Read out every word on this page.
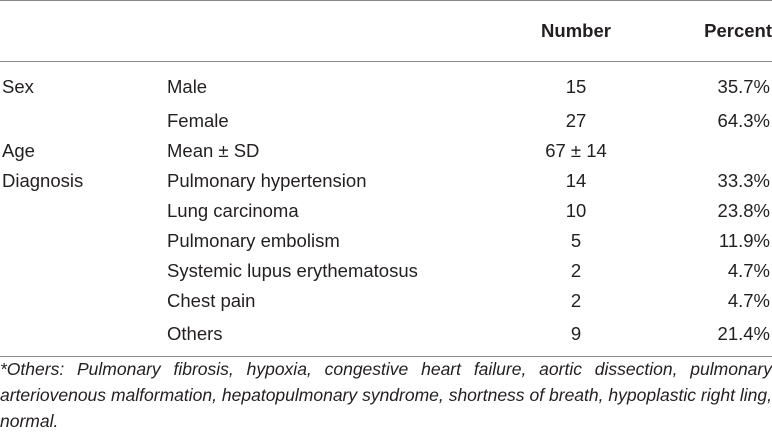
		Number	Percent
Sex	Male	15	35.7%
	Female	27	64.3%
Age	Mean ± SD	67 ± 14	
Diagnosis	Pulmonary hypertension	14	33.3%
	Lung carcinoma	10	23.8%
	Pulmonary embolism	5	11.9%
	Systemic lupus erythematosus	2	4.7%
	Chest pain	2	4.7%
	Others	9	21.4%
*Others: Pulmonary fibrosis, hypoxia, congestive heart failure, aortic dissection, pulmonary arteriovenous malformation, hepatopulmonary syndrome, shortness of breath, hypoplastic right ling, normal.
